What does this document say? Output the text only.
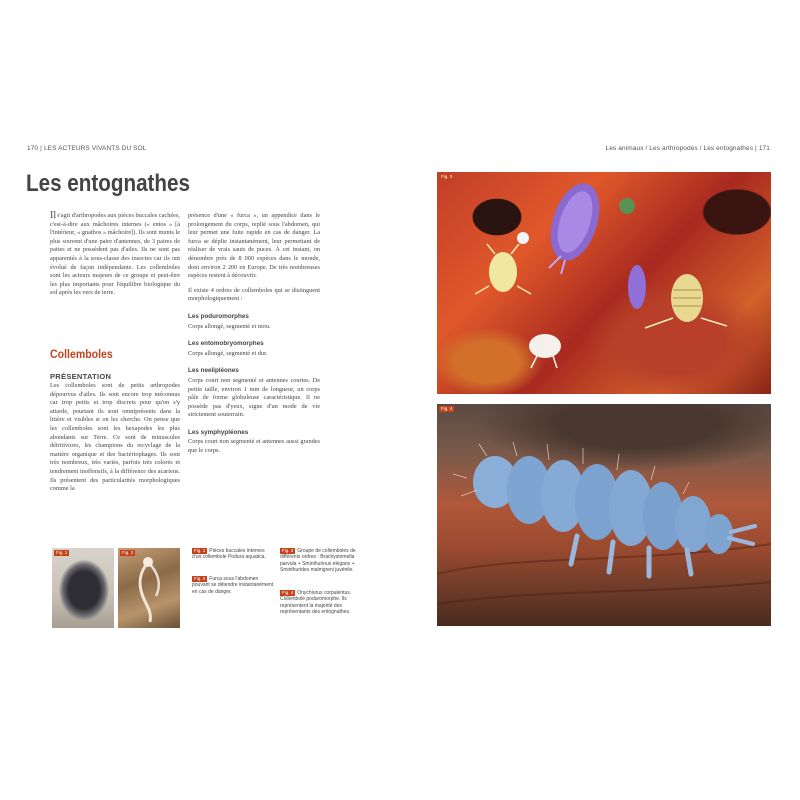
170 | LES ACTEURS VIVANTS DU SOL	Les animaux / Les arthropodes / Les entognathes | 171
Les entognathes
Il s'agit d'arthropodes aux pièces buccales cachées, c'est-à-dire aux mâchoires internes (« entos » [à l'intérieur, « gnathos » mâchoire]). Ils sont munis le plus souvent d'une paire d'antennes, de 3 paires de pattes et ne possèdent pas d'ailes. Ils ne sont pas apparentés à la sous-classe des insectes car ils ont évolué de façon indépendante. Les collemboles sont les acteurs majeurs de ce groupe et peut-être les plus importants pour l'équilibre biologique du sol après les vers de terre.
Collemboles
PRÉSENTATION
Les collemboles sont de petits arthropodes dépourvus d'ailes. Ils sont encore trop méconnus car trop petits et trop discrets pour qu'on s'y attarde, pourtant ils sont omniprésents dans la litière et visibles si on les cherche. On pense que les collemboles sont les hexapodes les plus abondants sur Terre. Ce sont de minuscules détritivores, les champions du recyclage de la matière organique et des bactériophages. Ils sont très nombreux, très variés, parfois très colorés et tendrement inoffensifs, à la différence des acariens. Ils présentent des particularités morphologiques comme la

présence d'une « furca », un appendice dans le prolongement du corps, replié sous l'abdomen, qui leur permet une fuite rapide en cas de danger. La furca se déplie instantanément, leur permettant de réaliser de vrais sauts de puces. À cet instant, on dénombre près de 8 000 espèces dans le monde, dont environ 2 200 en Europe. De très nombreuses espèces restent à découvrir.

Il existe 4 ordres de collemboles qui se distinguent morphologiquement :

Les poduromorphes
Corps allongé, segmenté et mou.
Les entomobryomorphes
Corps allongé, segmenté et dur.
Les neelipléones
Corps court non segmenté et antennes courtes. De petite taille, environ 1 mm de longueur, un corps pâle de forme globuleuse caractéristique. Il ne possède pas d'yeux, signe d'un mode de vie strictement souterrain.
Les symphypléones
Corps court non segmenté et antennes aussi grandes que le corps.
Fig. 1	Fig. 2	Fig. 1 Pièces buccales internes d'un collembole Podura aquatica.
Fig. 2 Furca sous l'abdomen pouvant se détendre instantanément en cas de danger.
Fig. 3 Groupe de collemboles de différents ordres : Brachystomella parvula + Sminthurinus elegans + Sminthurides malmgreni juvénile.
Fig. 4 Onychiurus corpulentus. Collembole poduromorphe. Ils représentent la majorité des représentants des entognathes.
Fig. 3
Fig. 4
